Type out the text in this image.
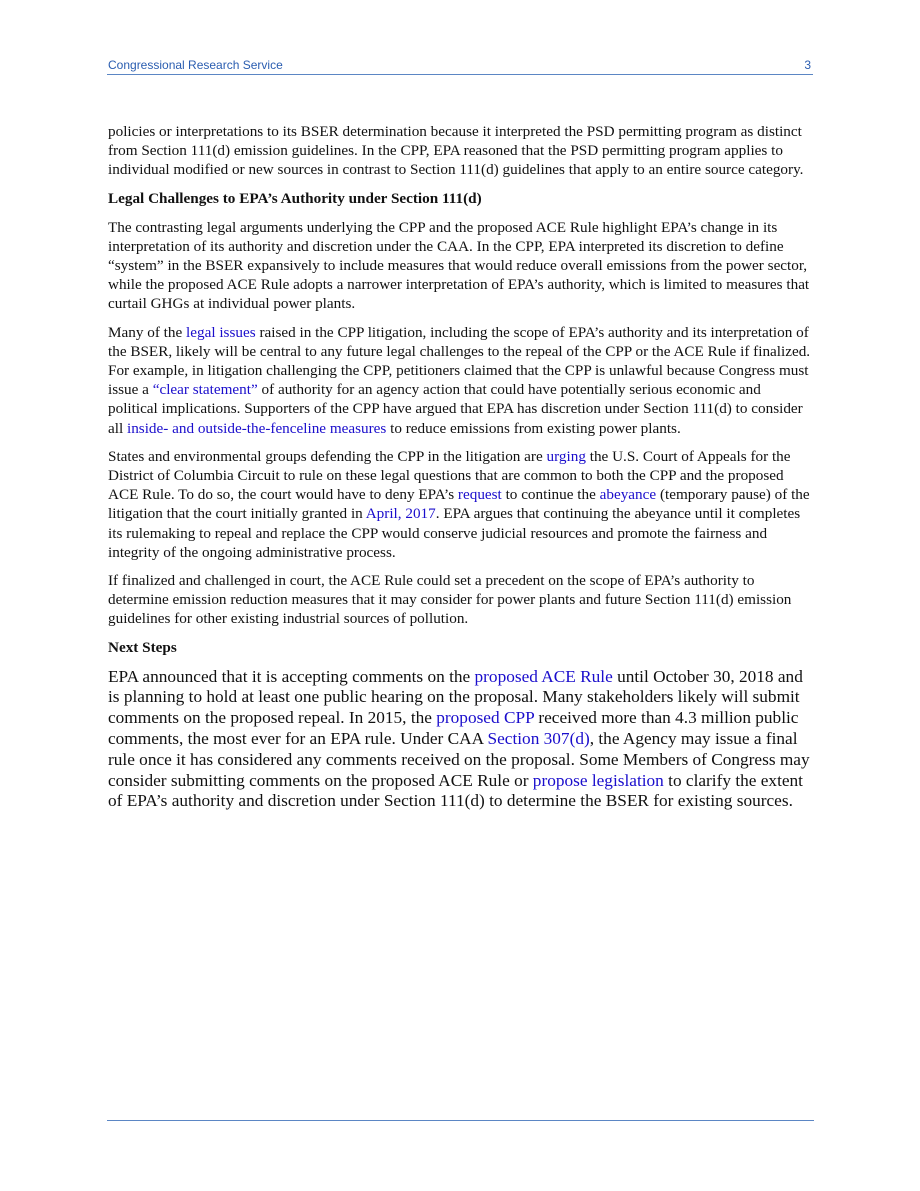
Congressional Research Service	3

policies or interpretations to its BSER determination because it interpreted the PSD permitting program as distinct from Section 111(d) emission guidelines. In the CPP, EPA reasoned that the PSD permitting program applies to individual modified or new sources in contrast to Section 111(d) guidelines that apply to an entire source category.

Legal Challenges to EPA’s Authority under Section 111(d)

The contrasting legal arguments underlying the CPP and the proposed ACE Rule highlight EPA’s change in its interpretation of its authority and discretion under the CAA. In the CPP, EPA interpreted its discretion to define “system” in the BSER expansively to include measures that would reduce overall emissions from the power sector, while the proposed ACE Rule adopts a narrower interpretation of EPA’s authority, which is limited to measures that curtail GHGs at individual power plants.

Many of the legal issues raised in the CPP litigation, including the scope of EPA’s authority and its interpretation of the BSER, likely will be central to any future legal challenges to the repeal of the CPP or the ACE Rule if finalized. For example, in litigation challenging the CPP, petitioners claimed that the CPP is unlawful because Congress must issue a “clear statement” of authority for an agency action that could have potentially serious economic and political implications. Supporters of the CPP have argued that EPA has discretion under Section 111(d) to consider all inside- and outside-the-fenceline measures to reduce emissions from existing power plants.

States and environmental groups defending the CPP in the litigation are urging the U.S. Court of Appeals for the District of Columbia Circuit to rule on these legal questions that are common to both the CPP and the proposed ACE Rule. To do so, the court would have to deny EPA’s request to continue the abeyance (temporary pause) of the litigation that the court initially granted in April, 2017. EPA argues that continuing the abeyance until it completes its rulemaking to repeal and replace the CPP would conserve judicial resources and promote the fairness and integrity of the ongoing administrative process.

If finalized and challenged in court, the ACE Rule could set a precedent on the scope of EPA’s authority to determine emission reduction measures that it may consider for power plants and future Section 111(d) emission guidelines for other existing industrial sources of pollution.

Next Steps

EPA announced that it is accepting comments on the proposed ACE Rule until October 30, 2018 and is planning to hold at least one public hearing on the proposal. Many stakeholders likely will submit comments on the proposed repeal. In 2015, the proposed CPP received more than 4.3 million public comments, the most ever for an EPA rule. Under CAA Section 307(d), the Agency may issue a final rule once it has considered any comments received on the proposal. Some Members of Congress may consider submitting comments on the proposed ACE Rule or propose legislation to clarify the extent of EPA’s authority and discretion under Section 111(d) to determine the BSER for existing sources.
